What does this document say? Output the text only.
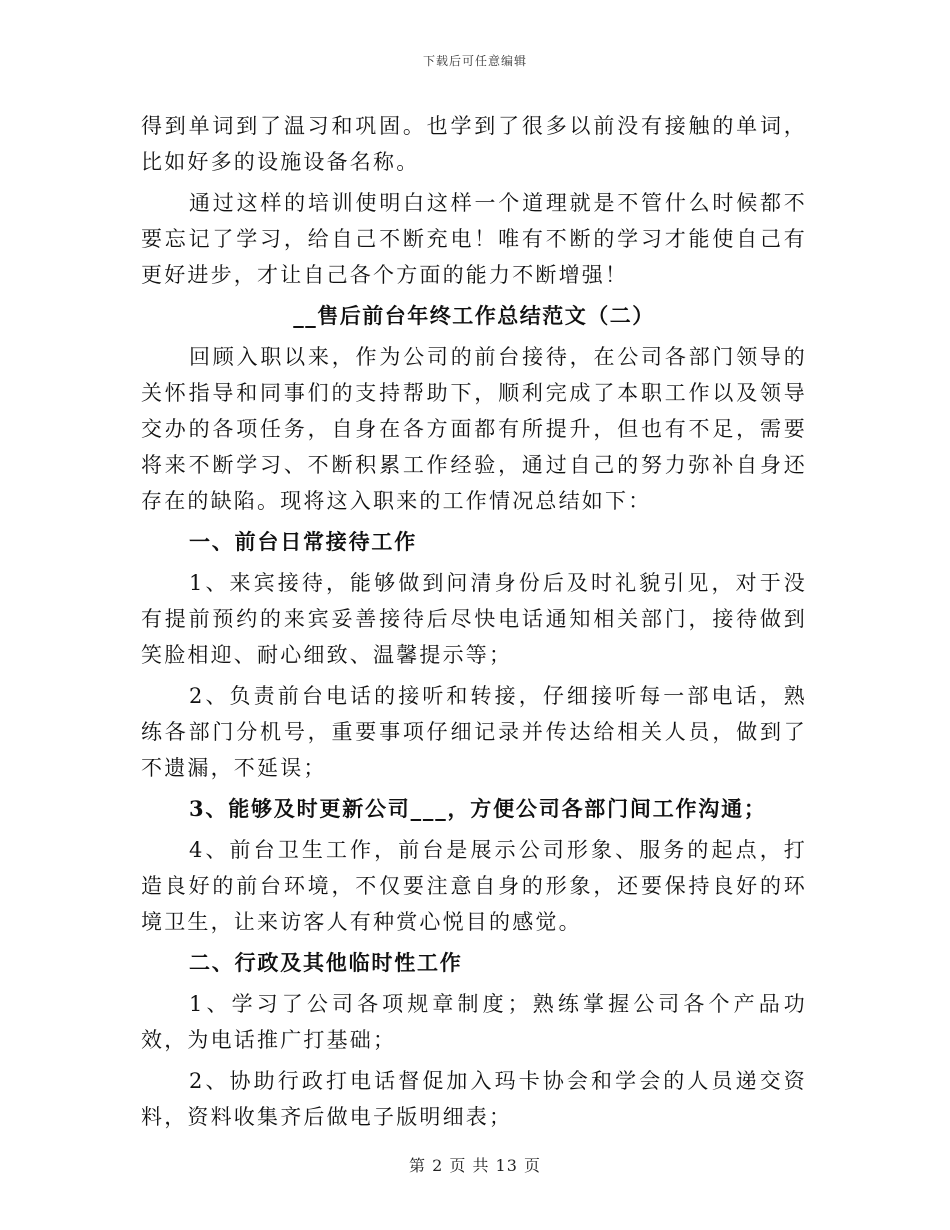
下载后可任意编辑

得到单词到了温习和巩固。也学到了很多以前没有接触的单词，比如好多的设施设备名称。

通过这样的培训使明白这样一个道理就是不管什么时候都不要忘记了学习，给自己不断充电！唯有不断的学习才能使自己有更好进步，才让自己各个方面的能力不断增强！

__售后前台年终工作总结范文（二）

回顾入职以来，作为公司的前台接待，在公司各部门领导的关怀指导和同事们的支持帮助下，顺利完成了本职工作以及领导交办的各项任务，自身在各方面都有所提升，但也有不足，需要将来不断学习、不断积累工作经验，通过自己的努力弥补自身还存在的缺陷。现将这入职来的工作情况总结如下：

一、前台日常接待工作

1、来宾接待，能够做到问清身份后及时礼貌引见，对于没有提前预约的来宾妥善接待后尽快电话通知相关部门，接待做到笑脸相迎、耐心细致、温馨提示等；

2、负责前台电话的接听和转接，仔细接听每一部电话，熟练各部门分机号，重要事项仔细记录并传达给相关人员，做到了不遗漏，不延误；

3、能够及时更新公司___，方便公司各部门间工作沟通；

4、前台卫生工作，前台是展示公司形象、服务的起点，打造良好的前台环境，不仅要注意自身的形象，还要保持良好的环境卫生，让来访客人有种赏心悦目的感觉。

二、行政及其他临时性工作

1、学习了公司各项规章制度；熟练掌握公司各个产品功效，为电话推广打基础；

2、协助行政打电话督促加入玛卡协会和学会的人员递交资料，资料收集齐后做电子版明细表；

第 2 页 共 13 页
